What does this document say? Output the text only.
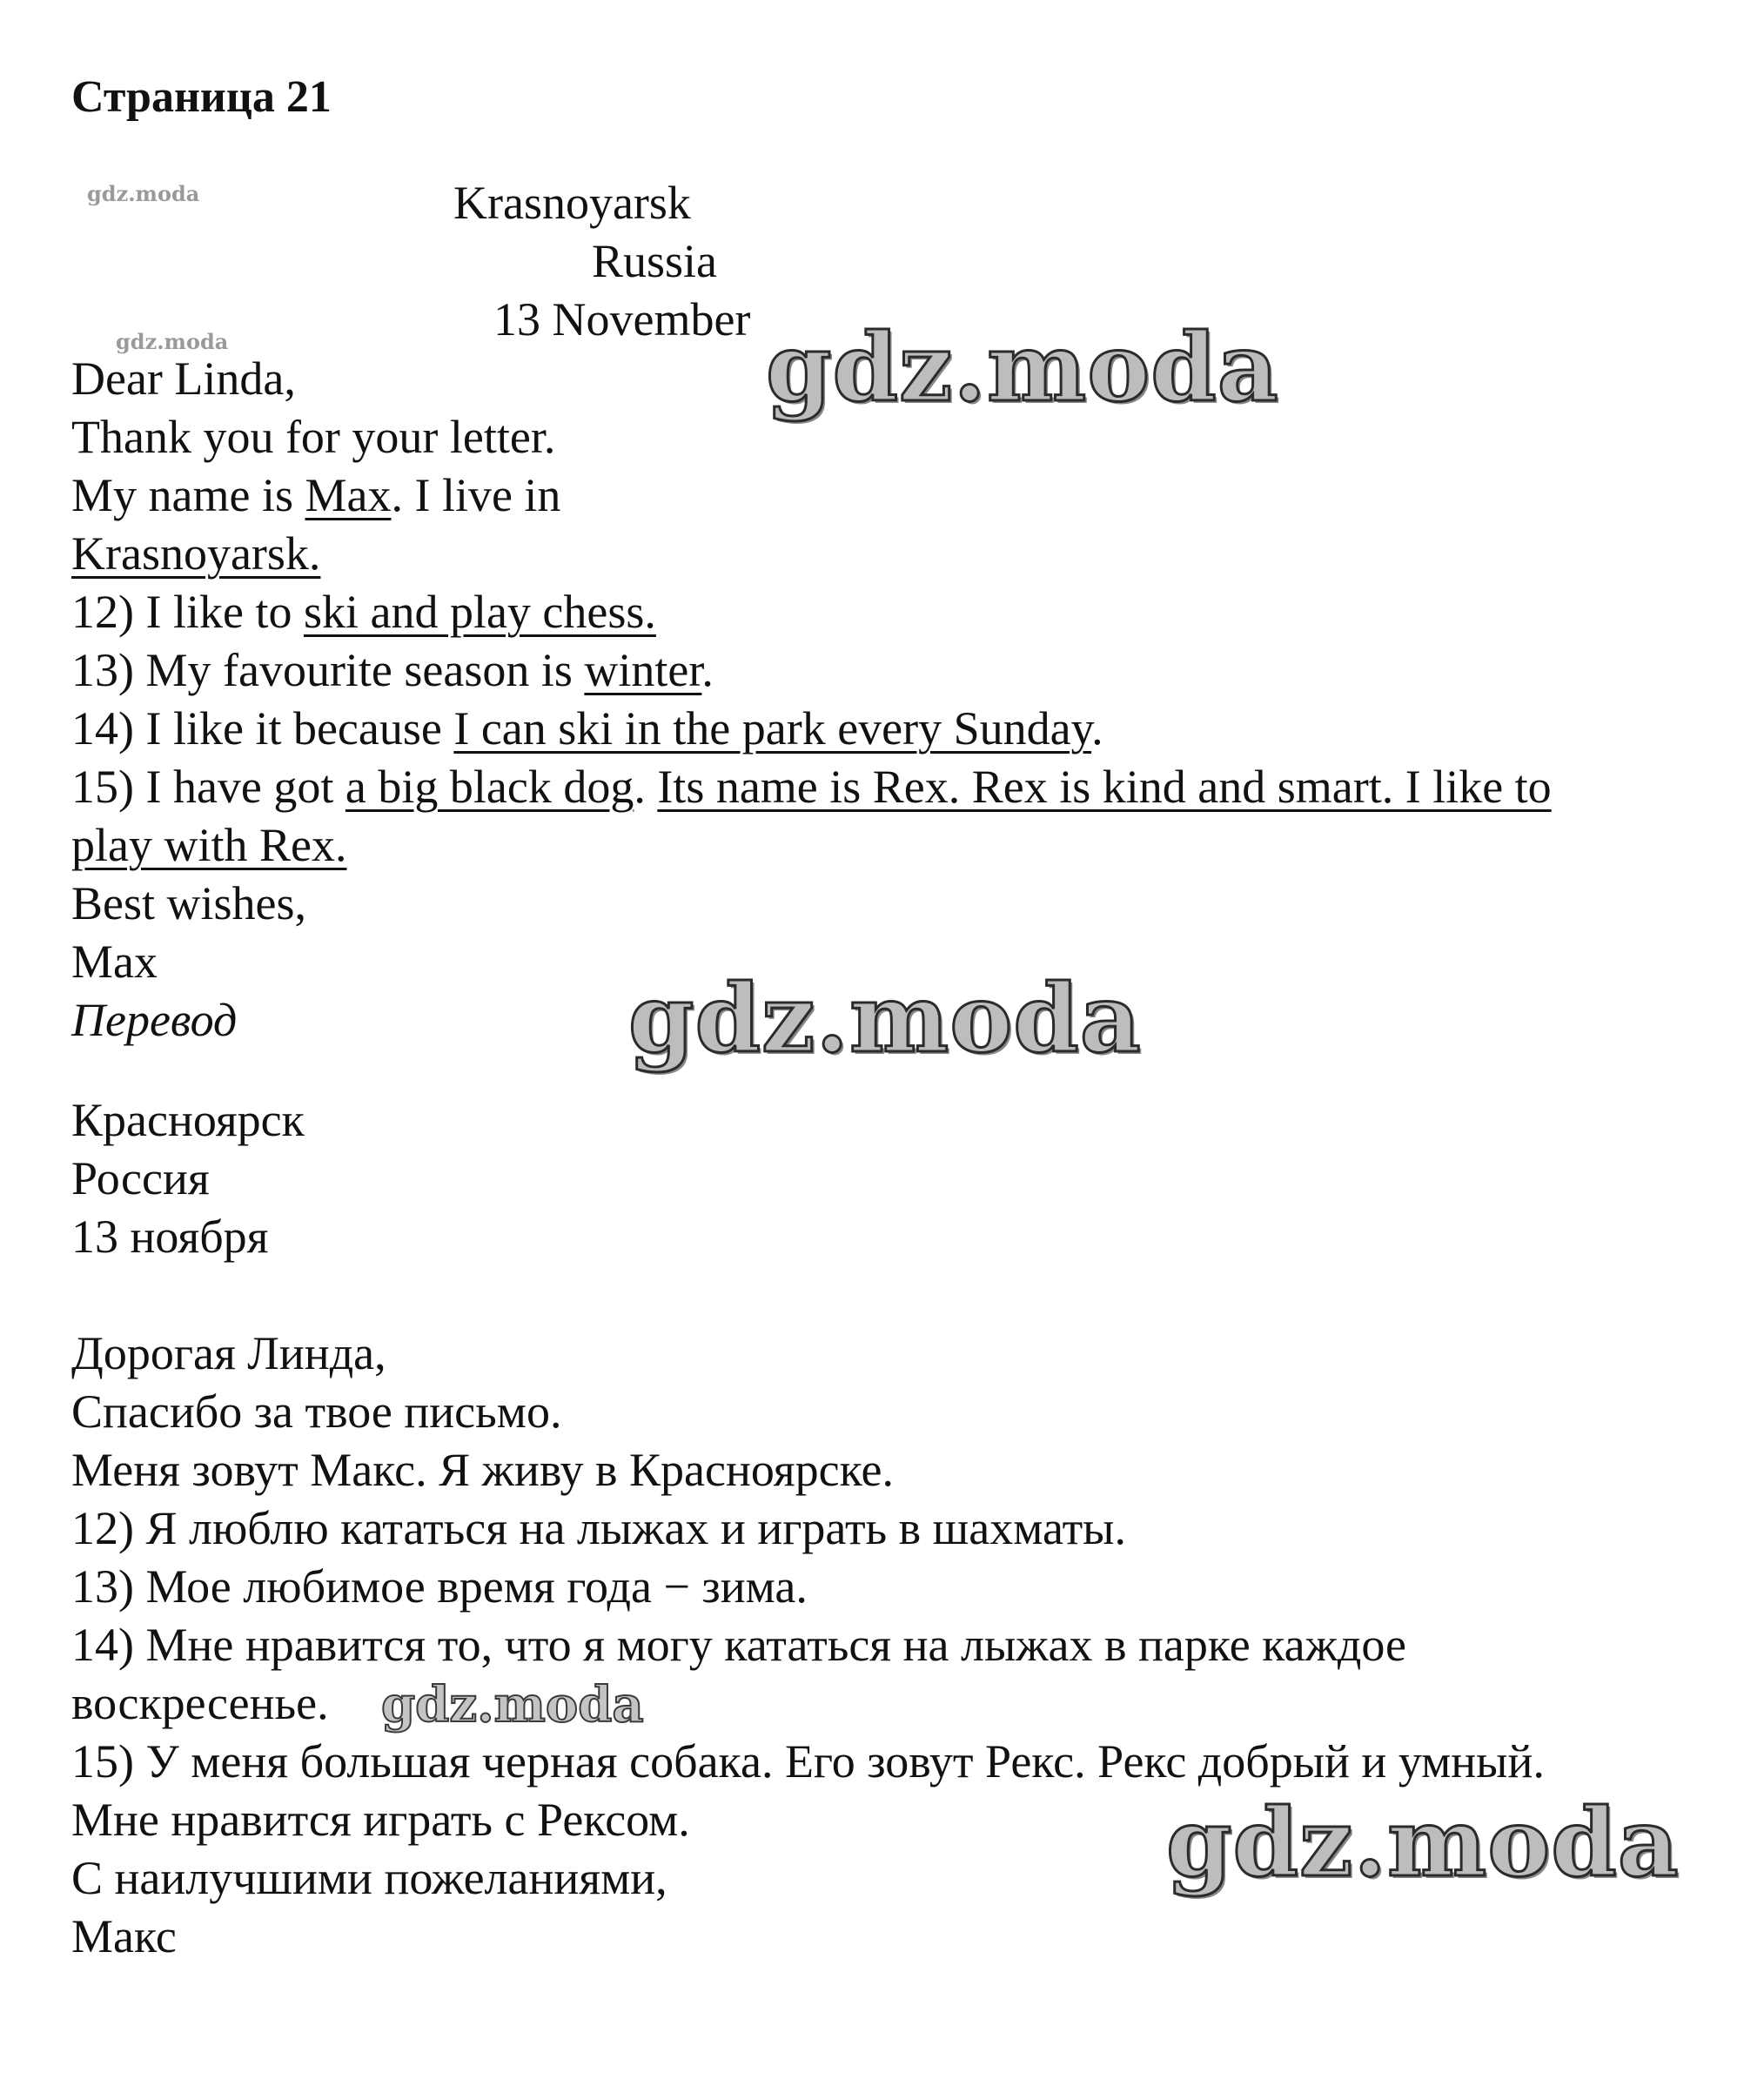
Страница 21
gdz.moda
gdz.moda
Krasnoyarsk
Russia
13 November gdz.moda
Dear Linda,
Thank you for your letter.
My name is Max. I live in
Krasnoyarsk.
12) I like to ski and play chess.
13) My favourite season is winter.
14) I like it because I can ski in the park every Sunday.
15) I have got a big black dog. Its name is Rex. Rex is kind and smart. I like to
play with Rex.
Best wishes,
Max
Перевод	gdz.moda
Красноярск
Россия
13 ноября
Дорогая Линда,
Спасибо за твое письмо.
Меня зовут Макс. Я живу в Красноярске.
12) Я люблю кататься на лыжах и играть в шахматы.
13) Мое любимое время года − зима.
14) Мне нравится то, что я могу кататься на лыжах в парке каждое
воскресенье. gdz.moda
15) У меня большая черная собака. Его зовут Рекс. Рекс добрый и умный.
Мне нравится играть с Рексом.
С наилучшими пожеланиями,
Макс
gdz.moda
